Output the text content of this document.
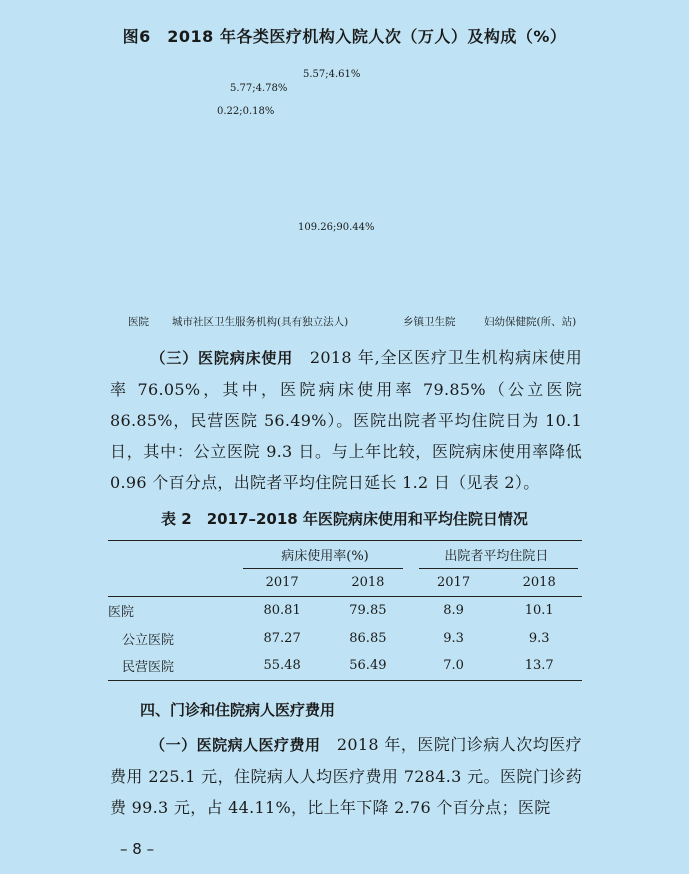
图6　2018 年各类医疗机构入院人次（万人）及构成（%）
5.57;4.61%
5.77;4.78%
0.22;0.18%
109.26;90.44%
医院 城市社区卫生服务机构(具有独立法人)	乡镇卫生院	妇幼保健院(所、站)
（三）医院病床使用　2018 年,全区医疗卫生机构病床使用率 76.05%，其中，医院病床使用率 79.85%（公立医院86.85%，民营医院 56.49%）。医院出院者平均住院日为 10.1日，其中：公立医院 9.3 日。与上年比较，医院病床使用率降低 0.96 个百分点，出院者平均住院日延长 1.2 日（见表 2）。
表 2　2017–2018 年医院病床使用和平均住院日情况
	病床使用率(%)		出院者平均住院日	

	2017	2018	2017	2018
医院	80.81	79.85	8.9	10.1
公立医院	87.27	86.85	9.3	9.3
民营医院	55.48	56.49	7.0	13.7
四、门诊和住院病人医疗费用
（一）医院病人医疗费用　2018 年，医院门诊病人次均医疗费用 225.1 元，住院病人人均医疗费用 7284.3 元。医院门诊药费 99.3 元，占 44.11%，比上年下降 2.76 个百分点；医院
– 8 –
